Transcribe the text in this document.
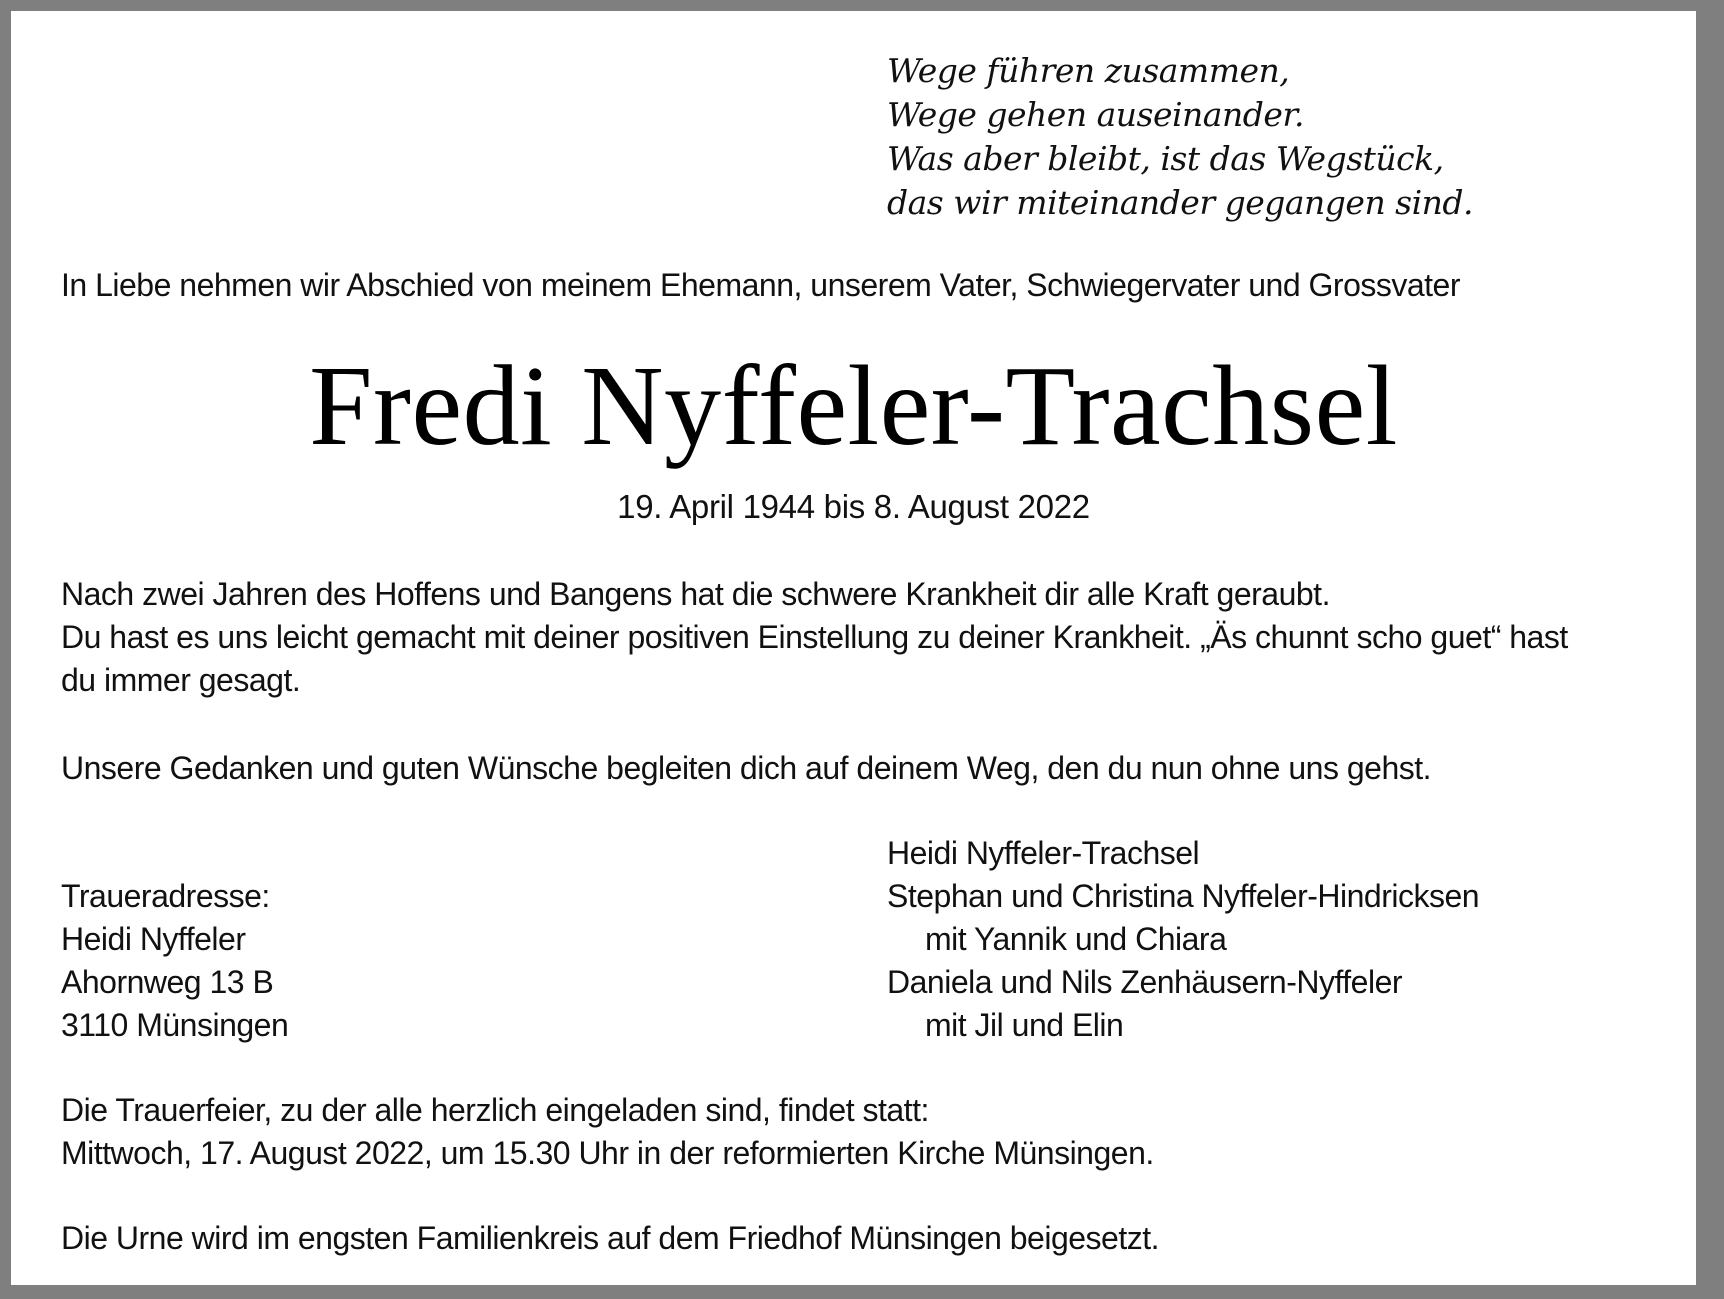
Wege führen zusammen,
Wege gehen auseinander.
Was aber bleibt, ist das Wegstück,
das wir miteinander gegangen sind.
In Liebe nehmen wir Abschied von meinem Ehemann, unserem Vater, Schwiegervater und Grossvater
Fredi Nyffeler-Trachsel
19. April 1944 bis 8. August 2022
Nach zwei Jahren des Hoffens und Bangens hat die schwere Krankheit dir alle Kraft geraubt.
Du hast es uns leicht gemacht mit deiner positiven Einstellung zu deiner Krankheit. „Äs chunnt scho guet“ hast
du immer gesagt.
Unsere Gedanken und guten Wünsche begleiten dich auf deinem Weg, den du nun ohne uns gehst.
Traueradresse:
Heidi Nyffeler
Ahornweg 13 B
3110 Münsingen
Heidi Nyffeler-Trachsel
Stephan und Christina Nyffeler-Hindricksen
mit Yannik und Chiara
Daniela und Nils Zenhäusern-Nyffeler
mit Jil und Elin
Die Trauerfeier, zu der alle herzlich eingeladen sind, findet statt:
Mittwoch, 17. August 2022, um 15.30 Uhr in der reformierten Kirche Münsingen.
Die Urne wird im engsten Familienkreis auf dem Friedhof Münsingen beigesetzt.
